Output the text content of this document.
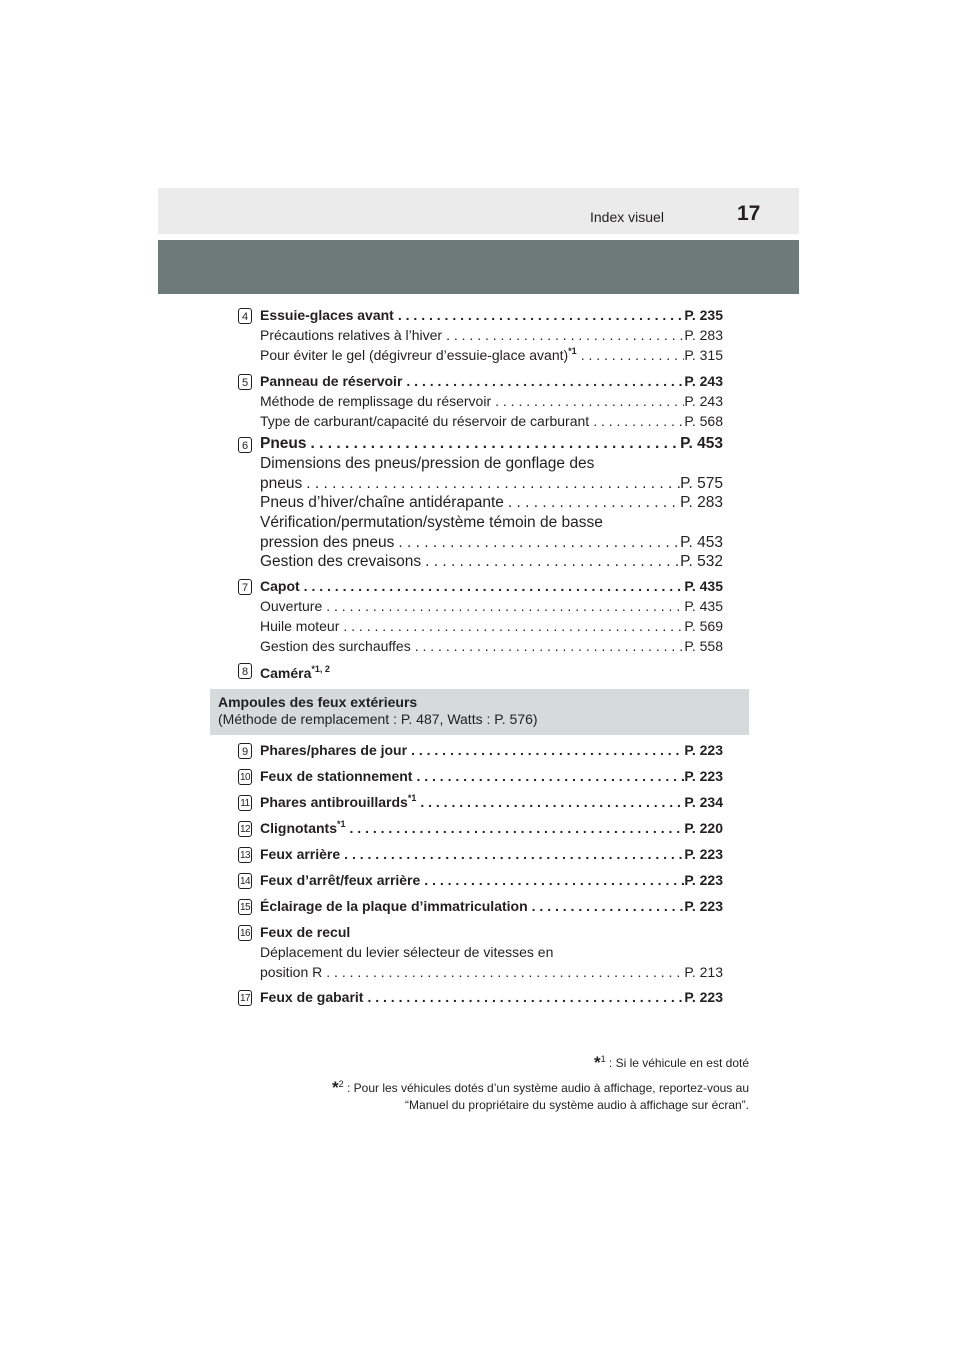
Index visuel	17
4 Essuie-glaces avant . . .	P. 235
Précautions relatives à l’hiver . . .	P. 283
Pour éviter le gel (dégivreur d’essuie-glace avant)$^{*1}$ . . .	P. 315
5 Panneau de réservoir . . .	P. 243
Méthode de remplissage du réservoir . . .	P. 243
Type de carburant/capacité du réservoir de carburant . . .	P. 568
6 Pneus . . .	P. 453
Dimensions des pneus/pression de gonflage des
pneus . . .	P. 575
Pneus d’hiver/chaîne antidérapante . . .	P. 283
Vérification/permutation/système témoin de basse
pression des pneus . . .	P. 453
Gestion des crevaisons . . .	P. 532
7 Capot . . .	P. 435
Ouverture . . .	P. 435
Huile moteur . . .	P. 569
Gestion des surchauffes . . .	P. 558
8 Caméra$^{*1, 2}$
Ampoules des feux extérieurs
(Méthode de remplacement : P. 487, Watts : P. 576)
9 Phares/phares de jour . . .	P. 223
10 Feux de stationnement . . .	P. 223
11 Phares antibrouillards$^{*1}$ . . .	P. 234
12 Clignotants$^{*1}$ . . .	P. 220
13 Feux arrière . . .	P. 223
14 Feux d’arrêt/feux arrière . . .	P. 223
15 Éclairage de la plaque d’immatriculation . . .	P. 223
16 Feux de recul
Déplacement du levier sélecteur de vitesses en
position R . . .	P. 213
17 Feux de gabarit . . .	P. 223
*$^1$ : Si le véhicule en est doté
*$^2$ : Pour les véhicules dotés d’un système audio à affichage, reportez-vous au
“Manuel du propriétaire du système audio à affichage sur écran”.
